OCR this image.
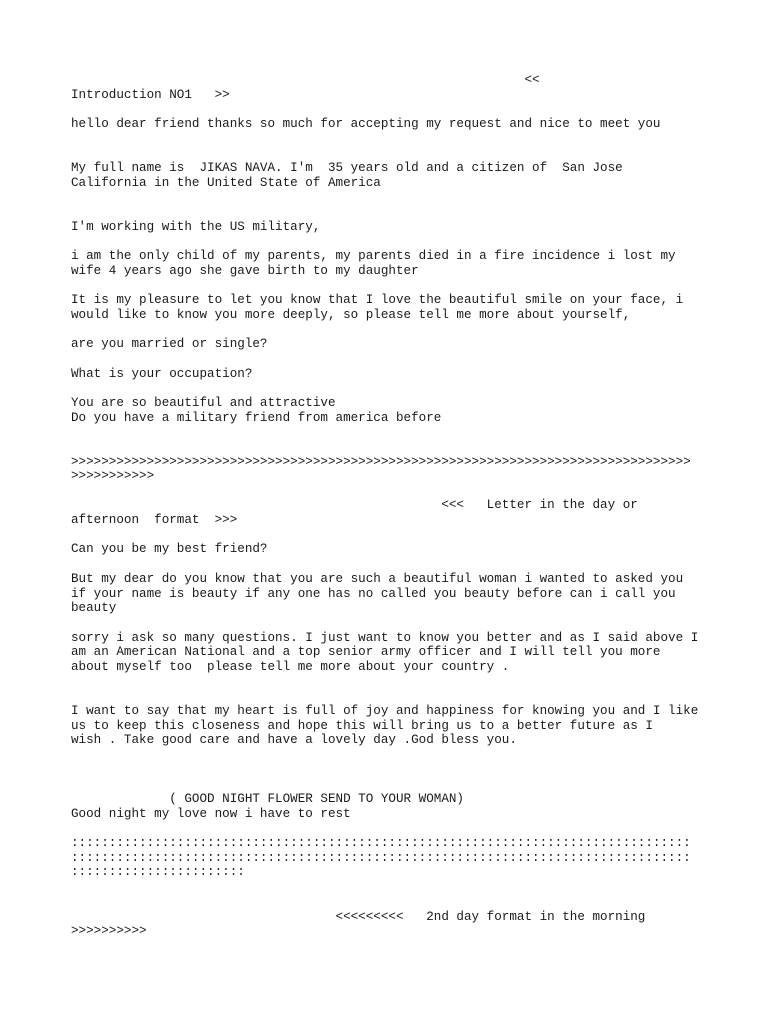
<<

Introduction NO1   >>

hello dear friend thanks so much for accepting my request and nice to meet you

My full name is  JIKAS NAVA. I'm  35 years old and a citizen of  San Jose

California in the United State of America

I'm working with the US military,

i am the only child of my parents, my parents died in a fire incidence i lost my

wife 4 years ago she gave birth to my daughter

It is my pleasure to let you know that I love the beautiful smile on your face, i

would like to know you more deeply, so please tell me more about yourself,

are you married or single?

What is your occupation?

You are so beautiful and attractive

Do you have a military friend from america before

>>>>>>>>>>>>>>>>>>>>>>>>>>>>>>>>>>>>>>>>>>>>>>>>>>>>>>>>>>>>>>>>>>>>>>>>>>>>>>>>>>

>>>>>>>>>>>

<<<   Letter in the day or

afternoon  format  >>>

Can you be my best friend?

But my dear do you know that you are such a beautiful woman i wanted to asked you

if your name is beauty if any one has no called you beauty before can i call you

beauty

sorry i ask so many questions. I just want to know you better and as I said above I

am an American National and a top senior army officer and I will tell you more

about myself too  please tell me more about your country .

I want to say that my heart is full of joy and happiness for knowing you and I like

us to keep this closeness and hope this will bring us to a better future as I

wish . Take good care and have a lovely day .God bless you.

( GOOD NIGHT FLOWER SEND TO YOUR WOMAN)

Good night my love now i have to rest

::::::::::::::::::::::::::::::::::::::::::::::::::::::::::::::::::::::::::::::::::

::::::::::::::::::::::::::::::::::::::::::::::::::::::::::::::::::::::::::::::::::

:::::::::::::::::::::::

<<<<<<<<<   2nd day format in the morning

>>>>>>>>>>
